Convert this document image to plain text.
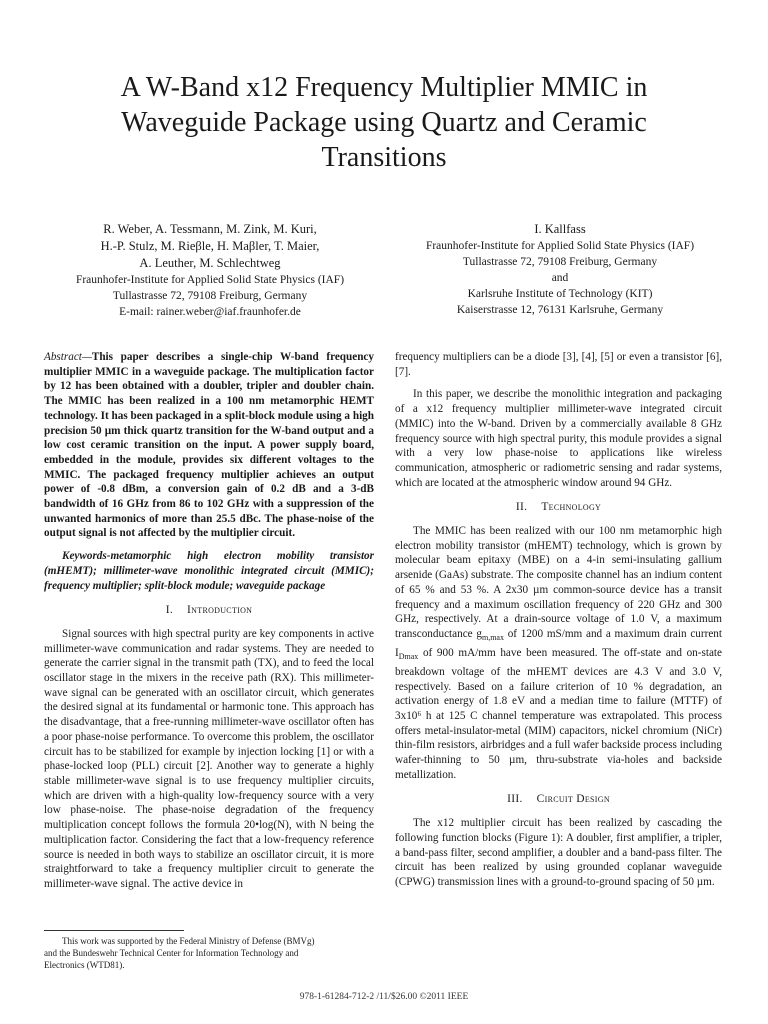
A W-Band x12 Frequency Multiplier MMIC in
Waveguide Package using Quartz and Ceramic
Transitions
R. Weber, A. Tessmann, M. Zink, M. Kuri,
H.-P. Stulz, M. Rieβle, H. Maβler, T. Maier,
A. Leuther, M. Schlechtweg
Fraunhofer-Institute for Applied Solid State Physics (IAF)
Tullastrasse 72, 79108 Freiburg, Germany
E-mail: rainer.weber@iaf.fraunhofer.de
I. Kallfass
Fraunhofer-Institute for Applied Solid State Physics (IAF)
Tullastrasse 72, 79108 Freiburg, Germany
and
Karlsruhe Institute of Technology (KIT)
Kaiserstrasse 12, 76131 Karlsruhe, Germany

Abstract—This paper describes a single-chip W-band frequency multiplier MMIC in a waveguide package. The multiplication factor by 12 has been obtained with a doubler, tripler and doubler chain. The MMIC has been realized in a 100 nm metamorphic HEMT technology. It has been packaged in a split-block module using a high precision 50 µm thick quartz transition for the W-band output and a low cost ceramic transition on the input. A power supply board, embedded in the module, provides six different voltages to the MMIC. The packaged frequency multiplier achieves an output power of -0.8 dBm, a conversion gain of 0.2 dB and a 3-dB bandwidth of 16 GHz from 86 to 102 GHz with a suppression of the unwanted harmonics of more than 25.5 dBc. The phase-noise of the output signal is not affected by the multiplier circuit.

Keywords-metamorphic high electron mobility transistor (mHEMT); millimeter-wave monolithic integrated circuit (MMIC); frequency multiplier; split-block module; waveguide package

I. Introduction

Signal sources with high spectral purity are key components in active millimeter-wave communication and radar systems. They are needed to generate the carrier signal in the transmit path (TX), and to feed the local oscillator stage in the mixers in the receive path (RX). This millimeter-wave signal can be generated with an oscillator circuit, which generates the desired signal at its fundamental or harmonic tone. This approach has the disadvantage, that a free-running millimeter-wave oscillator often has a poor phase-noise performance. To overcome this problem, the oscillator circuit has to be stabilized for example by injection locking [1] or with a phase-locked loop (PLL) circuit [2]. Another way to generate a highly stable millimeter-wave signal is to use frequency multiplier circuits, which are driven with a high-quality low-frequency source with a very low phase-noise. The phase-noise degradation of the frequency multiplication concept follows the formula 20•log(N), with N being the multiplication factor. Considering the fact that a low-frequency reference source is needed in both ways to stabilize an oscillator circuit, it is more straightforward to take a frequency multiplier circuit to generate the millimeter-wave signal. The active device in

frequency multipliers can be a diode [3], [4], [5] or even a transistor [6], [7].

In this paper, we describe the monolithic integration and packaging of a x12 frequency multiplier millimeter-wave integrated circuit (MMIC) into the W-band. Driven by a commercially available 8 GHz frequency source with high spectral purity, this module provides a signal with a very low phase-noise to applications like wireless communication, atmospheric or radiometric sensing and radar systems, which are located at the atmospheric window around 94 GHz.

II. Technology

The MMIC has been realized with our 100 nm metamorphic high electron mobility transistor (mHEMT) technology, which is grown by molecular beam epitaxy (MBE) on a 4-in semi-insulating gallium arsenide (GaAs) substrate. The composite channel has an indium content of 65 % and 53 %. A 2x30 µm common-source device has a transit frequency and a maximum oscillation frequency of 220 GHz and 300 GHz, respectively. At a drain-source voltage of 1.0 V, a maximum transconductance $g_{m,max}$ of 1200 mS/mm and a maximum drain current $I_{Dmax}$ of 900 mA/mm have been measured. The off-state and on-state breakdown voltage of the mHEMT devices are 4.3 V and 3.0 V, respectively. Based on a failure criterion of 10 % degradation, an activation energy of 1.8 eV and a median time to failure (MTTF) of 3x10⁶ h at 125 C channel temperature was extrapolated. This process offers metal-insulator-metal (MIM) capacitors, nickel chromium (NiCr) thin-film resistors, airbridges and a full wafer backside process including wafer-thinning to 50 µm, thru-substrate via-holes and backside metallization.

III. Circuit Design

The x12 multiplier circuit has been realized by cascading the following function blocks (Figure 1): A doubler, first amplifier, a tripler, a band-pass filter, second amplifier, a doubler and a band-pass filter. The circuit has been realized by using grounded coplanar waveguide (CPWG) transmission lines with a ground-to-ground spacing of 50 µm.

This work was supported by the Federal Ministry of Defense (BMVg)
and the Bundeswehr Technical Center for Information Technology and
Electronics (WTD81).
978-1-61284-712-2 /11/$26.00 ©2011 IEEE
